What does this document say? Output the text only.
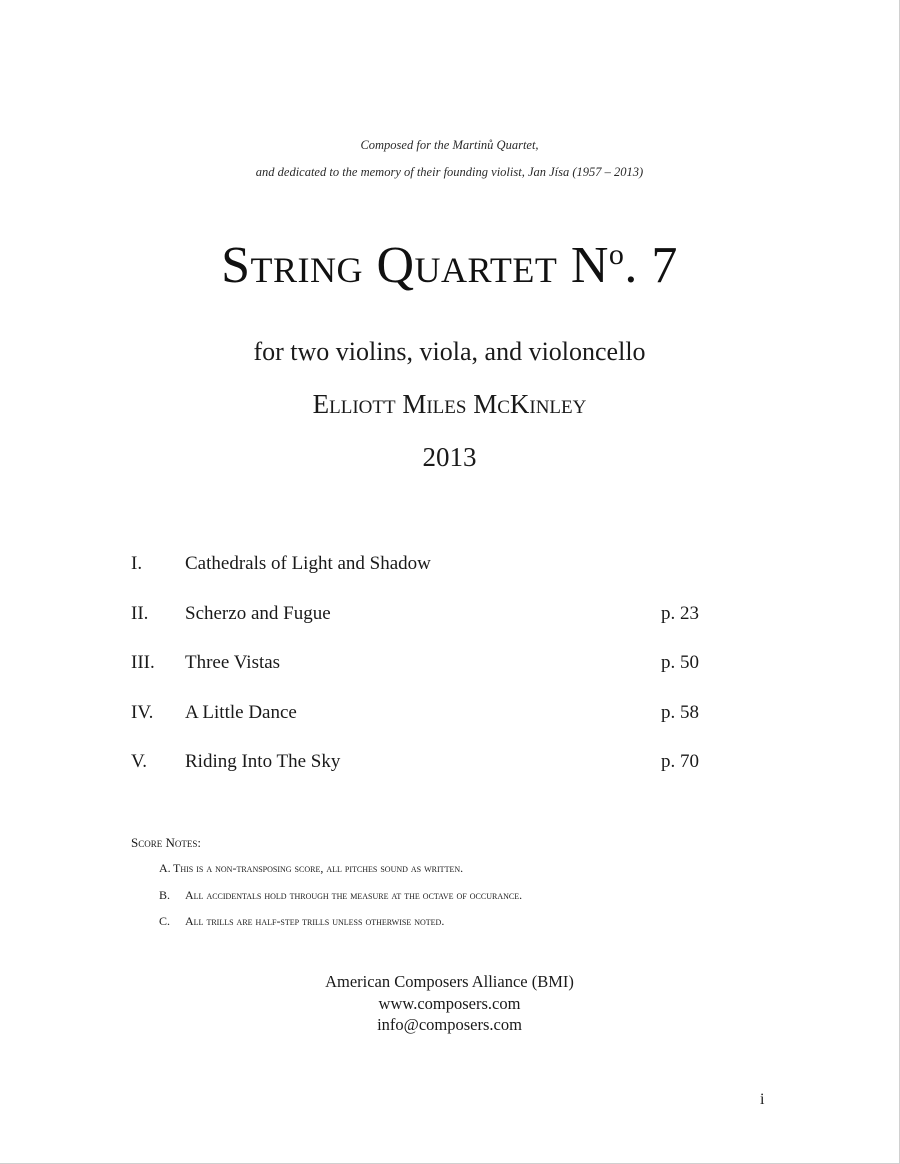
Composed for the Martinů Quartet,
and dedicated to the memory of their founding violist, Jan Jísa (1957 – 2013)
String Quartet $N^o$. 7
for two violins, viola, and violoncello
Elliott Miles McKinley
2013
I. Cathedrals of Light and Shadow
II. Scherzo and Fugue	p. 23
III. Three Vistas	p. 50
IV. A Little Dance	p. 58
V. Riding Into The Sky	p. 70
Score Notes:
A. This is a non-transposing score, all pitches sound as written.
B. All accidentals hold through the measure at the octave of occurance.
C. All trills are half-step trills unless otherwise noted.
American Composers Alliance (BMI)
www.composers.com
info@composers.com
i
